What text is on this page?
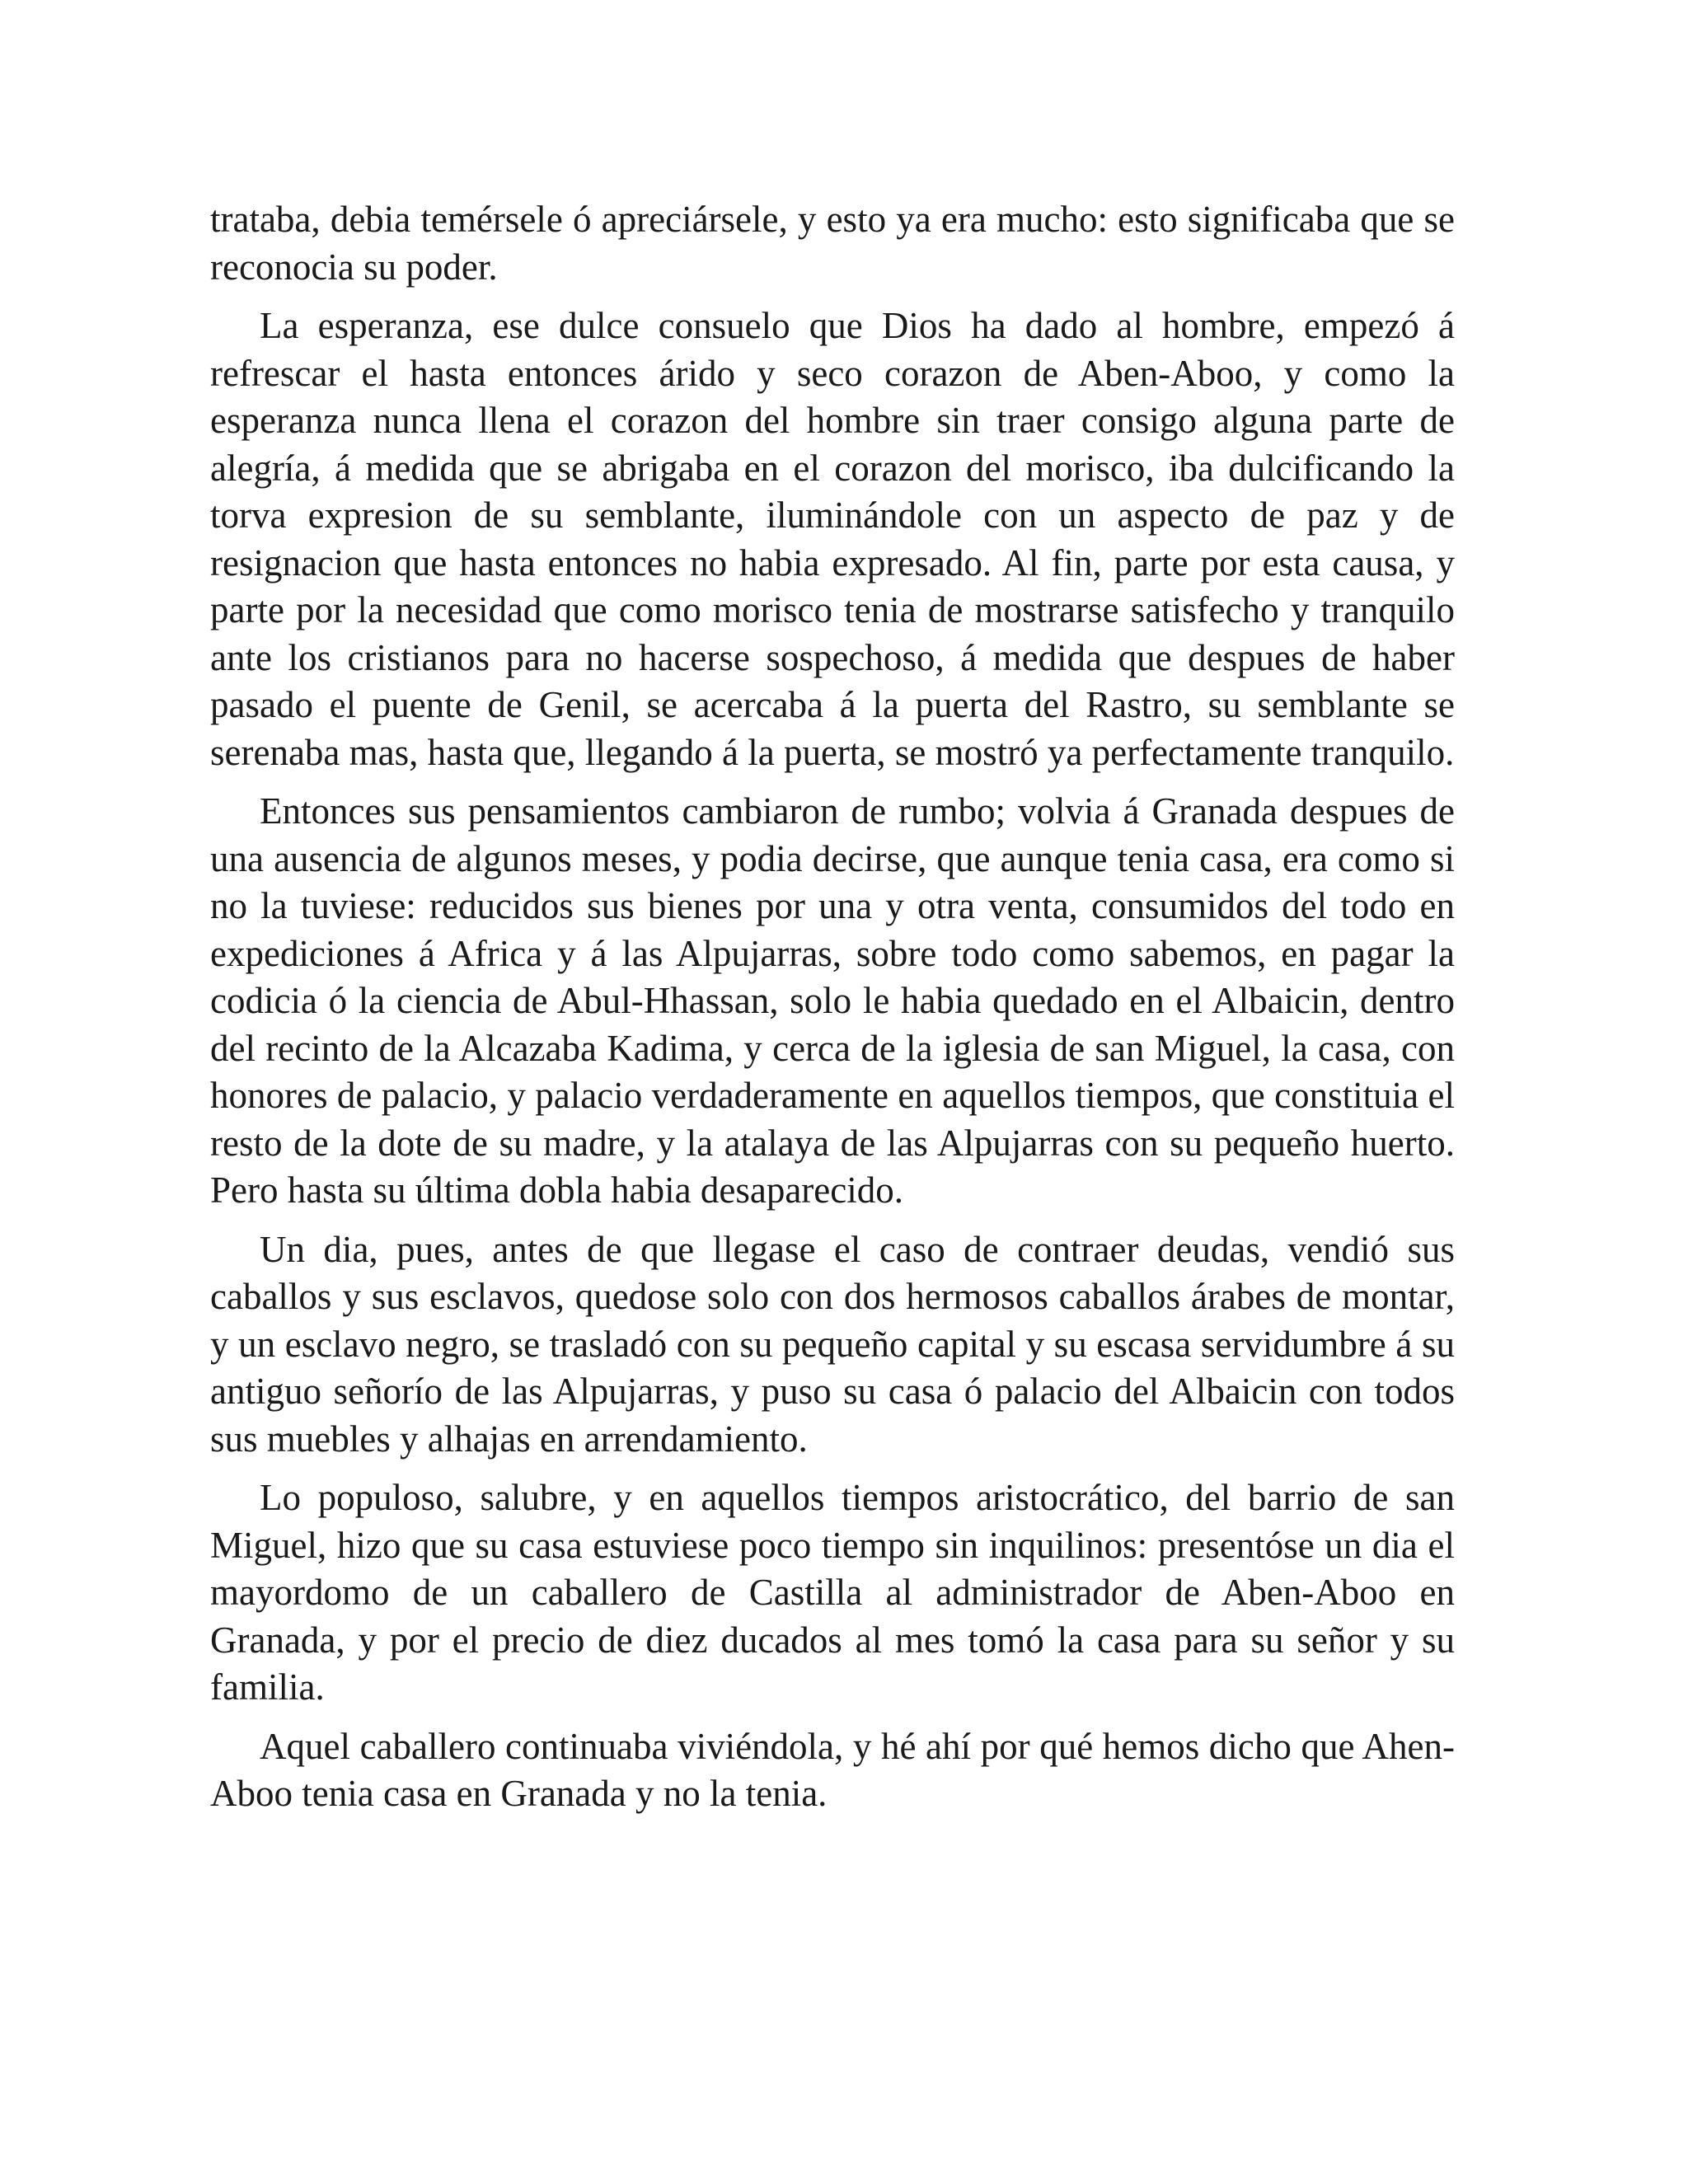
trataba, debia temérsele ó apreciársele, y esto ya era mucho: esto significaba que se reconocia su poder.

La esperanza, ese dulce consuelo que Dios ha dado al hombre, empezó á refrescar el hasta entonces árido y seco corazon de Aben-Aboo, y como la esperanza nunca llena el corazon del hombre sin traer consigo alguna parte de alegría, á medida que se abrigaba en el corazon del morisco, iba dulcificando la torva expresion de su semblante, iluminándole con un aspecto de paz y de resignacion que hasta entonces no habia expresado. Al fin, parte por esta causa, y parte por la necesidad que como morisco tenia de mostrarse satisfecho y tranquilo ante los cristianos para no hacerse sospechoso, á medida que despues de haber pasado el puente de Genil, se acercaba á la puerta del Rastro, su semblante se serenaba mas, hasta que, llegando á la puerta, se mostró ya perfectamente tranquilo.

Entonces sus pensamientos cambiaron de rumbo; volvia á Granada despues de una ausencia de algunos meses, y podia decirse, que aunque tenia casa, era como si no la tuviese: reducidos sus bienes por una y otra venta, consumidos del todo en expediciones á Africa y á las Alpujarras, sobre todo como sabemos, en pagar la codicia ó la ciencia de Abul-Hhassan, solo le habia quedado en el Albaicin, dentro del recinto de la Alcazaba Kadima, y cerca de la iglesia de san Miguel, la casa, con honores de palacio, y palacio verdaderamente en aquellos tiempos, que constituia el resto de la dote de su madre, y la atalaya de las Alpujarras con su pequeño huerto. Pero hasta su última dobla habia desaparecido.

Un dia, pues, antes de que llegase el caso de contraer deudas, vendió sus caballos y sus esclavos, quedose solo con dos hermosos caballos árabes de montar, y un esclavo negro, se trasladó con su pequeño capital y su escasa servidumbre á su antiguo señorío de las Alpujarras, y puso su casa ó palacio del Albaicin con todos sus muebles y alhajas en arrendamiento.

Lo populoso, salubre, y en aquellos tiempos aristocrático, del barrio de san Miguel, hizo que su casa estuviese poco tiempo sin inquilinos: presentóse un dia el mayordomo de un caballero de Castilla al administrador de Aben-Aboo en Granada, y por el precio de diez ducados al mes tomó la casa para su señor y su familia.

Aquel caballero continuaba viviéndola, y hé ahí por qué hemos dicho que Ahen-Aboo tenia casa en Granada y no la tenia.
